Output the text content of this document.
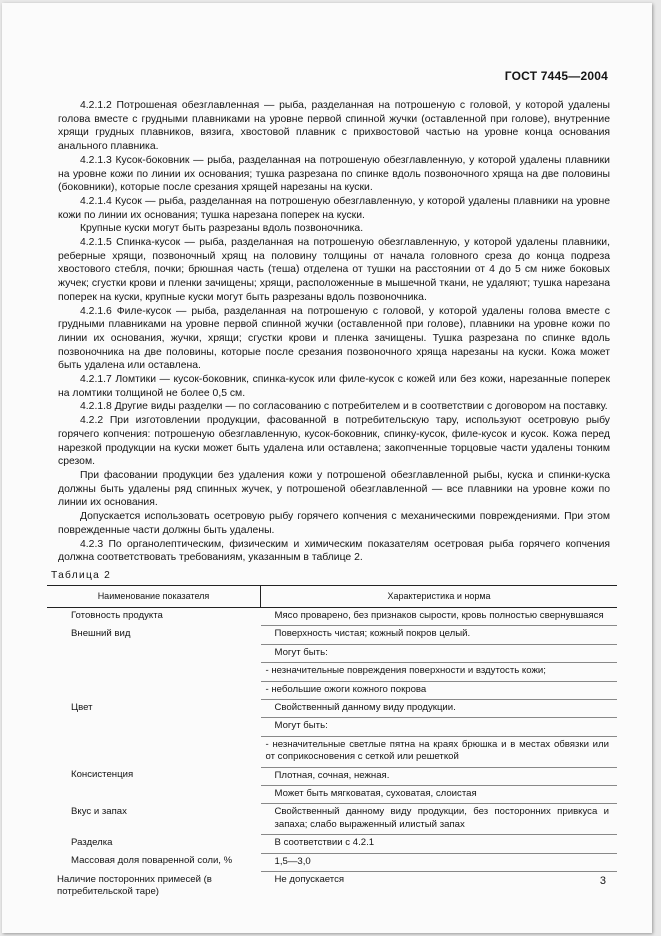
ГОСТ 7445—2004

4.2.1.2 Потрошеная обезглавленная — рыба, разделанная на потрошеную с головой, у которой удалены голова вместе с грудными плавниками на уровне первой спинной жучки (оставленной при голове), внутренние хрящи грудных плавников, вязига, хвостовой плавник с прихвостовой частью на уровне конца основания анального плавника.

4.2.1.3 Кусок-боковник — рыба, разделанная на потрошеную обезглавленную, у которой удалены плавники на уровне кожи по линии их основания; тушка разрезана по спинке вдоль позвоночного хряща на две половины (боковники), которые после срезания хрящей нарезаны на куски.

4.2.1.4 Кусок — рыба, разделанная на потрошеную обезглавленную, у которой удалены плавники на уровне кожи по линии их основания; тушка нарезана поперек на куски.

Крупные куски могут быть разрезаны вдоль позвоночника.

4.2.1.5 Спинка-кусок — рыба, разделанная на потрошеную обезглавленную, у которой удалены плавники, реберные хрящи, позвоночный хрящ на половину толщины от начала головного среза до конца подреза хвостового стебля, почки; брюшная часть (теша) отделена от тушки на расстоянии от 4 до 5 см ниже боковых жучек; сгустки крови и пленки зачищены; хрящи, расположенные в мышечной ткани, не удаляют; тушка нарезана поперек на куски, крупные куски могут быть разрезаны вдоль позвоночника.

4.2.1.6 Филе-кусок — рыба, разделанная на потрошеную с головой, у которой удалены голова вместе с грудными плавниками на уровне первой спинной жучки (оставленной при голове), плавники на уровне кожи по линии их основания, жучки, хрящи; сгустки крови и пленка зачищены. Тушка разрезана по спинке вдоль позвоночника на две половины, которые после срезания позвоночного хряща нарезаны на куски. Кожа может быть удалена или оставлена.

4.2.1.7 Ломтики — кусок-боковник, спинка-кусок или филе-кусок с кожей или без кожи, нарезанные поперек на ломтики толщиной не более 0,5 см.

4.2.1.8 Другие виды разделки — по согласованию с потребителем и в соответствии с договором на поставку.

4.2.2 При изготовлении продукции, фасованной в потребительскую тару, используют осетровую рыбу горячего копчения: потрошеную обезглавленную, кусок-боковник, спинку-кусок, филе-кусок и кусок. Кожа перед нарезкой продукции на куски может быть удалена или оставлена; закопченные торцовые части удалены тонким срезом.

При фасовании продукции без удаления кожи у потрошеной обезглавленной рыбы, куска и спинки-куска должны быть удалены ряд спинных жучек, у потрошеной обезглавленной — все плавники на уровне кожи по линии их основания.

Допускается использовать осетровую рыбу горячего копчения с механическими повреждениями. При этом поврежденные части должны быть удалены.

4.2.3 По органолептическим, физическим и химическим показателям осетровая рыба горячего копчения должна соответствовать требованиям, указанным в таблице 2.

Таблица 2
Наименование показателя	Характеристика и норма
Готовность продукта	Мясо проварено, без признаков сырости, кровь полностью свернувшаяся
Внешний вид	Поверхность чистая; кожный покров целый.
	Могут быть:
	- незначительные повреждения поверхности и вздутость кожи;
	- небольшие ожоги кожного покрова
Цвет	Свойственный данному виду продукции.
	Могут быть:
	- незначительные светлые пятна на краях брюшка и в местах обвязки или от соприкосновения с сеткой или решеткой
Консистенция	Плотная, сочная, нежная.
	Может быть мягковатая, суховатая, слоистая
Вкус и запах	Свойственный данному виду продукции, без посторонних привкуса и запаха; слабо выраженный илистый запах
Разделка	В соответствии с 4.2.1
Массовая доля поваренной соли, %	1,5—3,0
Наличие посторонних примесей (в потребительской таре)	Не допускается	3
